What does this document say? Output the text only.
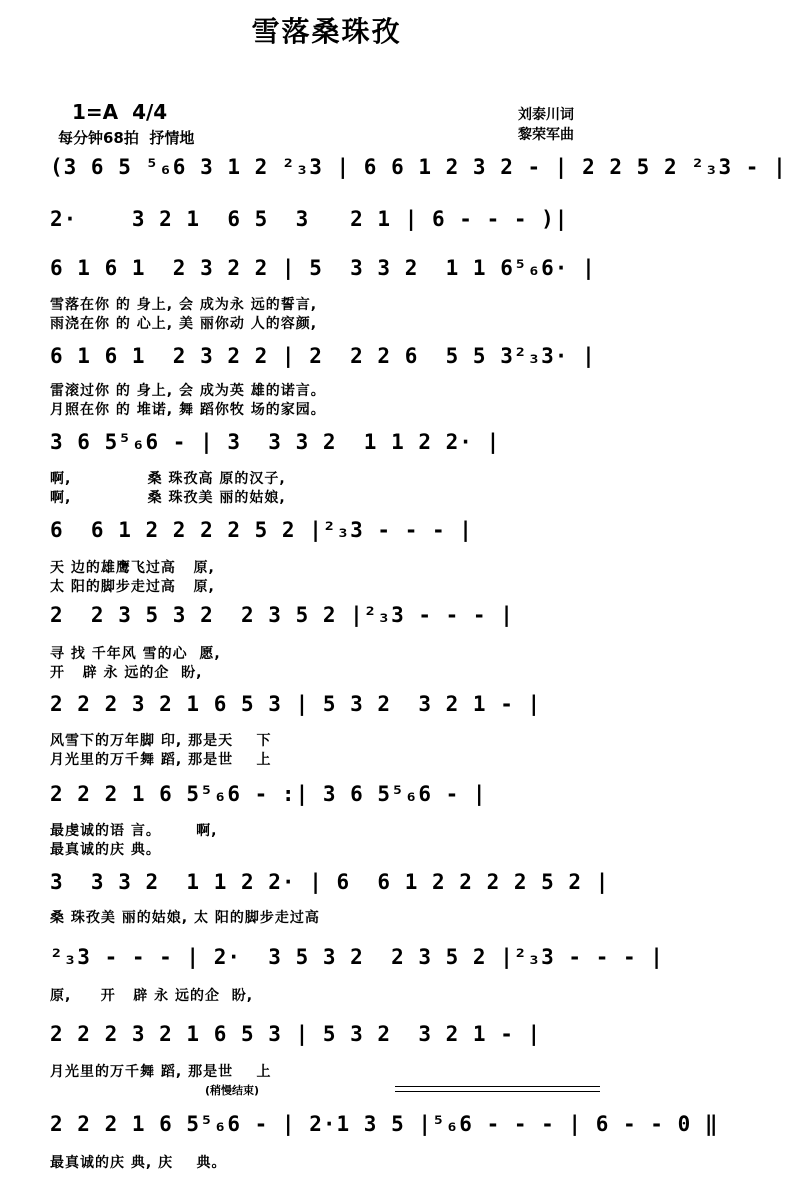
雪落桑珠孜
1=A  4/4
每分钟68拍  抒情地
刘泰川词
黎荣军曲
(3 6 5 ⁵₆6 3 1 2 ²₃3 | 6 6 1 2 3 2 - | 2 2 5 2 ²₃3 - |
2·    3 2 1  6 5  3   2 1 | 6 - - - )|
6 1 6 1  2 3 2 2 | 5  3 3 2  1 1 6⁵₆6· |
雪落在你 的 身上, 会 成为永 远的誓言,
雨浇在你 的 心上, 美 丽你动 人的容颜,
6 1 6 1  2 3 2 2 | 2  2 2 6  5 5 3²₃3· |
雷滚过你 的 身上, 会 成为英 雄的诺言。
月照在你 的 堆诺, 舞 蹈你牧 场的家园。
3 6 5⁵₆6 - | 3  3 3 2  1 1 2 2· |
啊,             桑 珠孜高 原的汉子,
啊,             桑 珠孜美 丽的姑娘,
6  6 1 2 2 2 2 5 2 |²₃3 - - - |
天 边的雄鹰飞过高   原,
太 阳的脚步走过高   原,
2  2 3 5 3 2  2 3 5 2 |²₃3 - - - |
寻 找 千年风 雪的心  愿,
开   辟 永 远的企  盼,
2 2 2 3 2 1 6 5 3 | 5 3 2  3 2 1 - |
风雪下的万年脚 印, 那是天    下
月光里的万千舞 蹈, 那是世    上
2 2 2 1 6 5⁵₆6 - :| 3 6 5⁵₆6 - |
最虔诚的语 言。      啊,
最真诚的庆 典。
3  3 3 2  1 1 2 2· | 6  6 1 2 2 2 2 5 2 |
桑 珠孜美 丽的姑娘, 太 阳的脚步走过高
²₃3 - - - | 2·  3 5 3 2  2 3 5 2 |²₃3 - - - |
原,     开   辟 永 远的企  盼,
2 2 2 3 2 1 6 5 3 | 5 3 2  3 2 1 - |
月光里的万千舞 蹈, 那是世    上
(稍慢结束)
2 2 2 1 6 5⁵₆6 - | 2·1 3 5 |⁵₆6 - - - | 6 - - 0 ‖
最真诚的庆 典, 庆    典。
